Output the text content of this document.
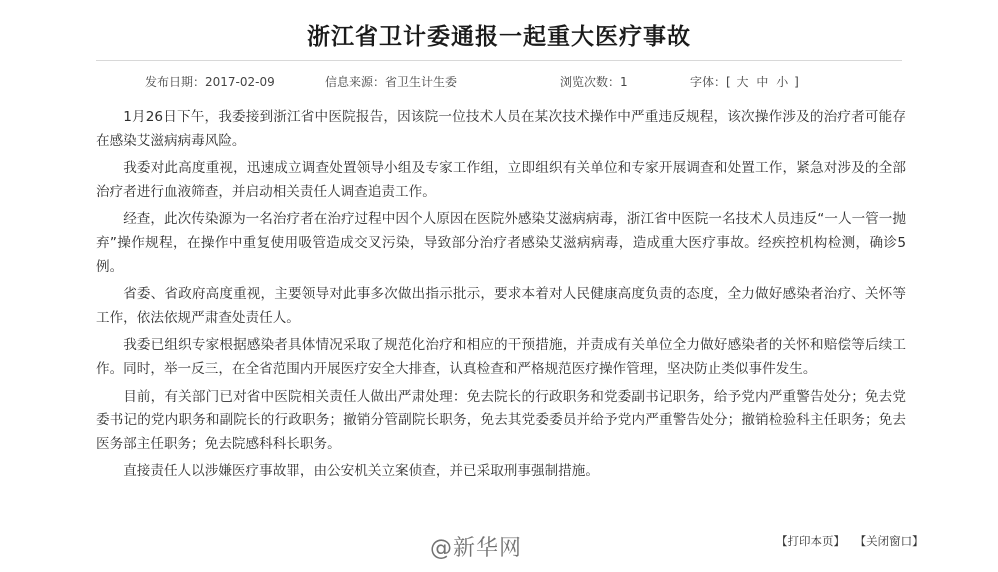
浙江省卫计委通报一起重大医疗事故
发布日期：2017-02-09	信息来源：省卫生计生委	浏览次数：1	字体：[ 大 中 小 ]

1月26日下午，我委接到浙江省中医院报告，因该院一位技术人员在某次技术操作中严重违反规程，该次操作涉及的治疗者可能存在感染艾滋病病毒风险。

我委对此高度重视，迅速成立调查处置领导小组及专家工作组，立即组织有关单位和专家开展调查和处置工作，紧急对涉及的全部治疗者进行血液筛查，并启动相关责任人调查追责工作。

经查，此次传染源为一名治疗者在治疗过程中因个人原因在医院外感染艾滋病病毒，浙江省中医院一名技术人员违反“一人一管一抛弃”操作规程，在操作中重复使用吸管造成交叉污染，导致部分治疗者感染艾滋病病毒，造成重大医疗事故。经疾控机构检测，确诊5例。

省委、省政府高度重视，主要领导对此事多次做出指示批示，要求本着对人民健康高度负责的态度，全力做好感染者治疗、关怀等工作，依法依规严肃查处责任人。

我委已组织专家根据感染者具体情况采取了规范化治疗和相应的干预措施，并责成有关单位全力做好感染者的关怀和赔偿等后续工作。同时，举一反三，在全省范围内开展医疗安全大排查，认真检查和严格规范医疗操作管理，坚决防止类似事件发生。

目前，有关部门已对省中医院相关责任人做出严肃处理：免去院长的行政职务和党委副书记职务，给予党内严重警告处分；免去党委书记的党内职务和副院长的行政职务；撤销分管副院长职务，免去其党委委员并给予党内严重警告处分；撤销检验科主任职务；免去医务部主任职务；免去院感科科长职务。

直接责任人以涉嫌医疗事故罪，由公安机关立案侦查，并已采取刑事强制措施。

@新华网	【打印本页】 【关闭窗口】
